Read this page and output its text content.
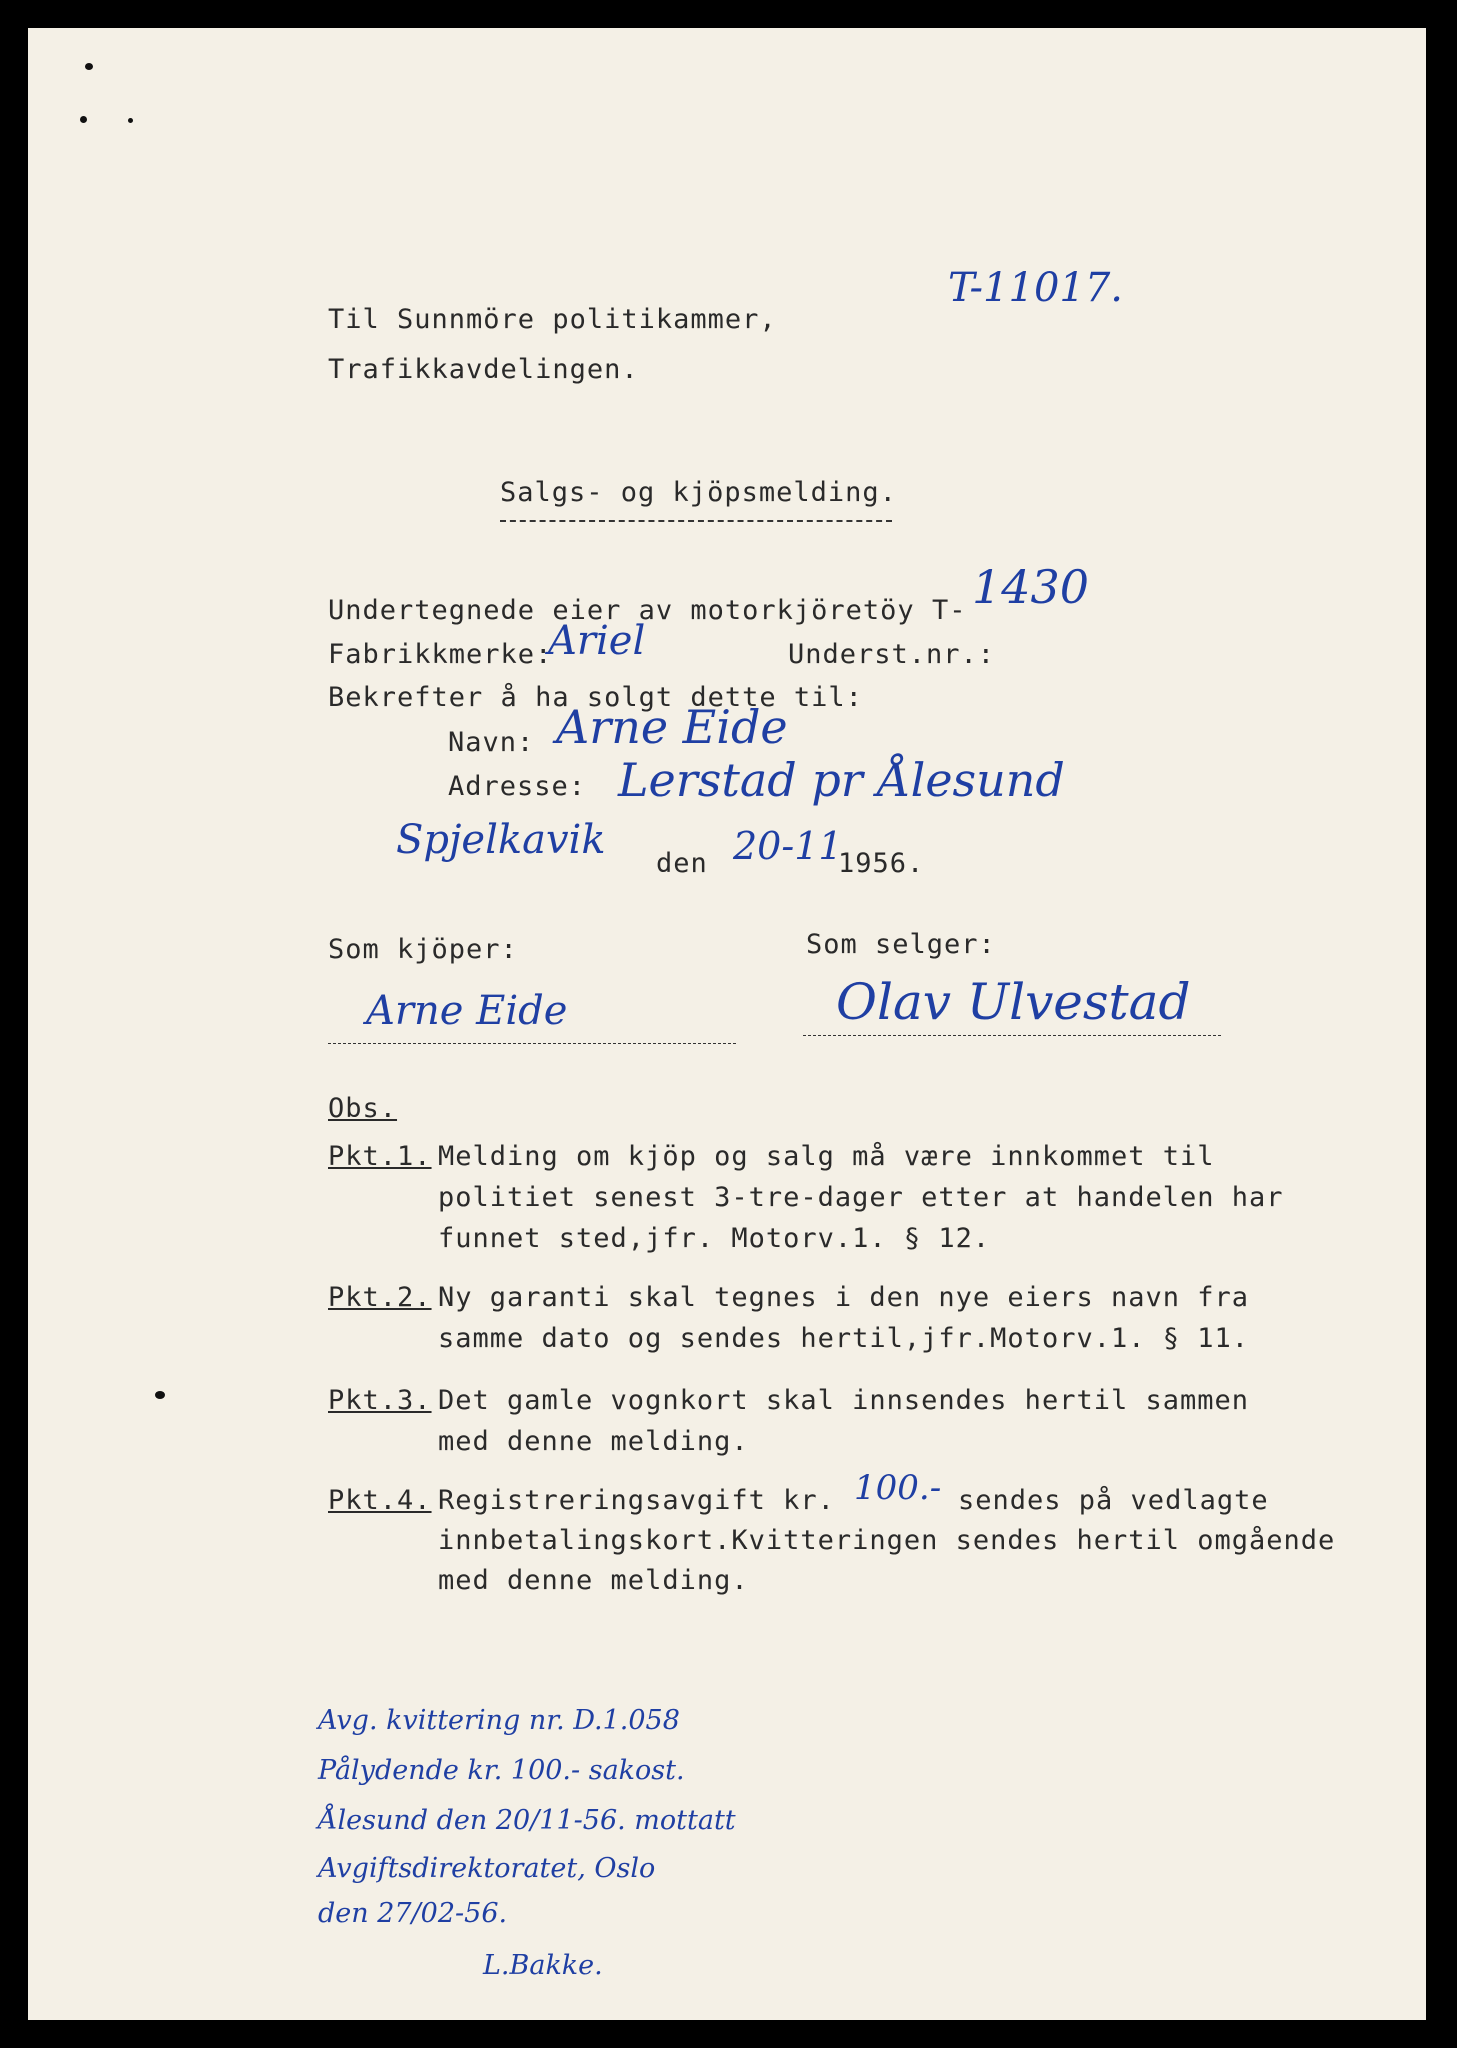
T-11017.
Til Sunnmöre politikammer,
Trafikkavdelingen.
Salgs- og kjöpsmelding.
Undertegnede eier av motorkjöretöy T- 1430
Fabrikkmerke:
Ariel	Underst.nr.:
Bekrefter å ha solgt dette til:
Navn: Arne Eide
Adresse: Lerstad pr Ålesund
Spjelkavik
den 20-11
1956.
Som kjöper:	Som selger:
Arne Eide	Olav Ulvestad
Obs.
Pkt.1. Melding om kjöp og salg må være innkommet til
politiet senest 3-tre-dager etter at handelen har
funnet sted,jfr. Motorv.1. § 12.
Pkt.2. Ny garanti skal tegnes i den nye eiers navn fra
samme dato og sendes hertil,jfr.Motorv.1. § 11.
Pkt.3. Det gamle vognkort skal innsendes hertil sammen
med denne melding.
Pkt.4. Registreringsavgift kr. 100.- sendes på vedlagte
innbetalingskort.Kvitteringen sendes hertil omgående
med denne melding.
Avg. kvittering nr. D.1.058
Pålydende kr. 100.- sakost.
Ålesund den 20/11-56. mottatt
Avgiftsdirektoratet, Oslo
den 27/02-56.
L.Bakke.
